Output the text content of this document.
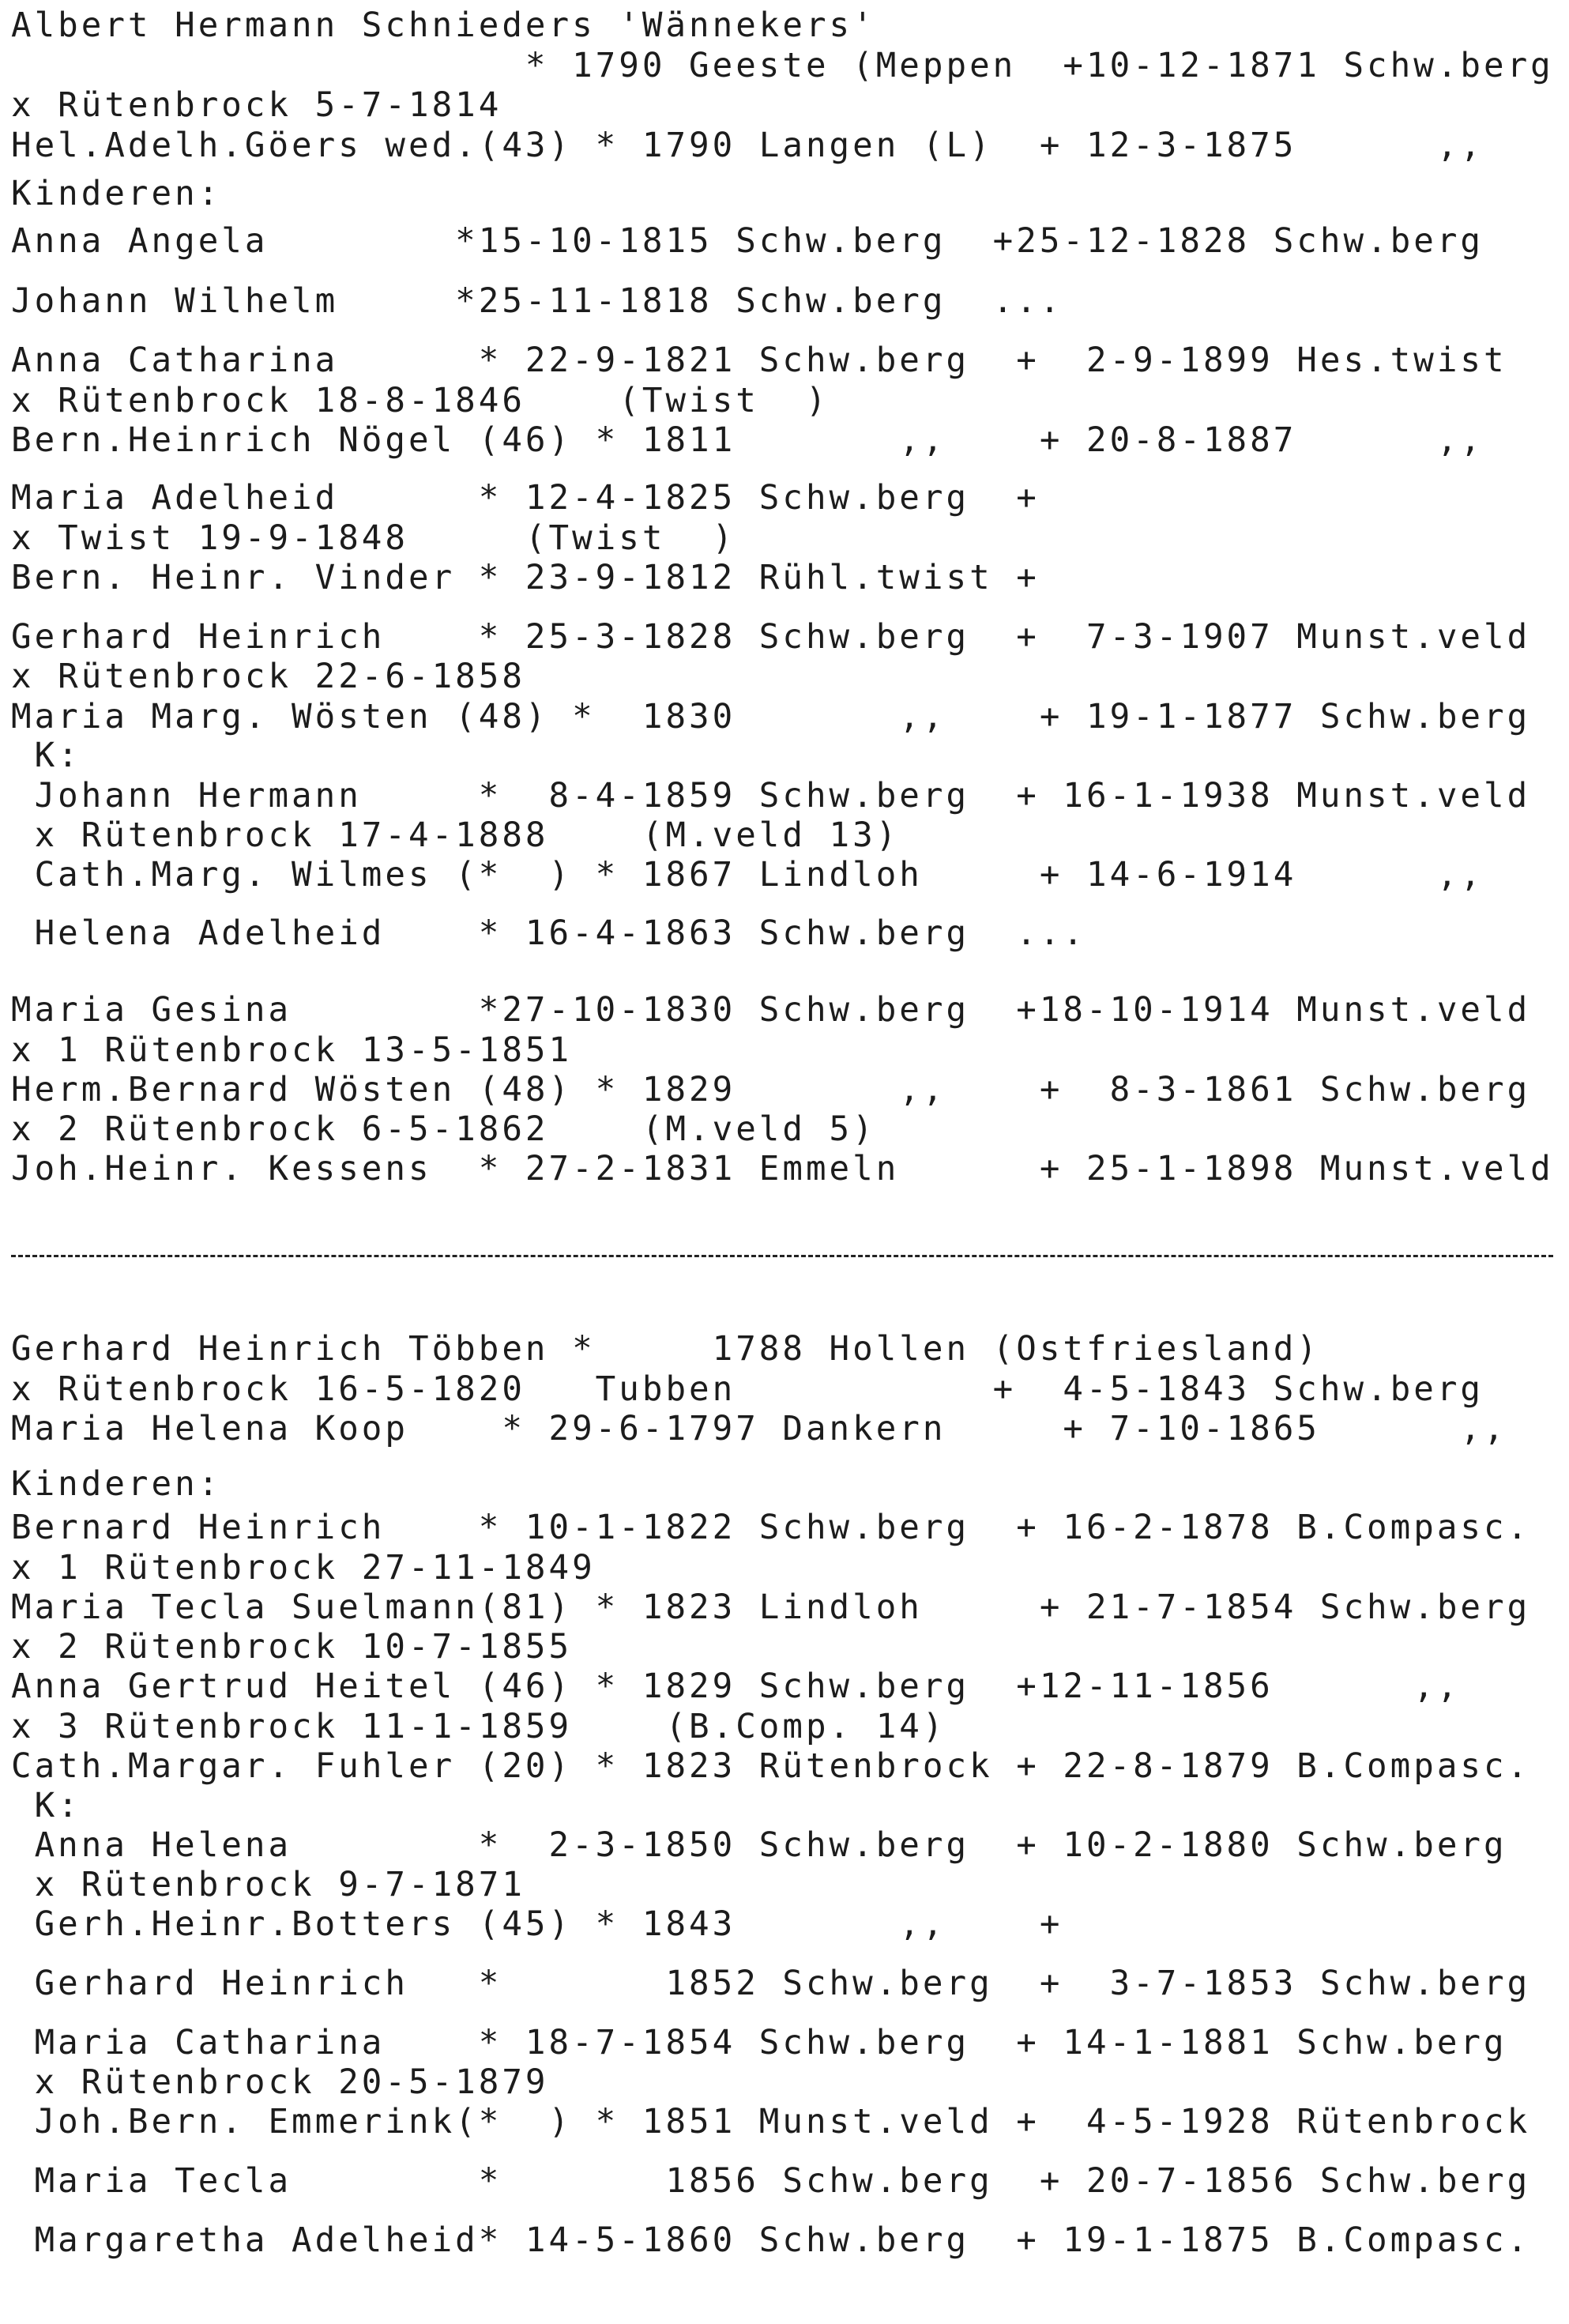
Albert Hermann Schnieders 'Wännekers'

* 1790 Geeste (Meppen  +10-12-1871 Schw.berg

x Rütenbrock 5-7-1814

Hel.Adelh.Göers wed.(43) * 1790 Langen (L)  + 12-3-1875      ,,

Kinderen:

Anna Angela        *15-10-1815 Schw.berg  +25-12-1828 Schw.berg

Johann Wilhelm     *25-11-1818 Schw.berg  ...

Anna Catharina      * 22-9-1821 Schw.berg  +  2-9-1899 Hes.twist

x Rütenbrock 18-8-1846    (Twist  )

Bern.Heinrich Nögel (46) * 1811       ,,    + 20-8-1887      ,,

Maria Adelheid      * 12-4-1825 Schw.berg  +

x Twist 19-9-1848     (Twist  )

Bern. Heinr. Vinder * 23-9-1812 Rühl.twist +

Gerhard Heinrich    * 25-3-1828 Schw.berg  +  7-3-1907 Munst.veld

x Rütenbrock 22-6-1858

Maria Marg. Wösten (48) *  1830       ,,    + 19-1-1877 Schw.berg

K:

Johann Hermann     *  8-4-1859 Schw.berg  + 16-1-1938 Munst.veld

x Rütenbrock 17-4-1888    (M.veld 13)

Cath.Marg. Wilmes (*  ) * 1867 Lindloh     + 14-6-1914      ,,

Helena Adelheid    * 16-4-1863 Schw.berg  ...

Maria Gesina        *27-10-1830 Schw.berg  +18-10-1914 Munst.veld

x 1 Rütenbrock 13-5-1851

Herm.Bernard Wösten (48) * 1829       ,,    +  8-3-1861 Schw.berg

x 2 Rütenbrock 6-5-1862    (M.veld 5)

Joh.Heinr. Kessens  * 27-2-1831 Emmeln      + 25-1-1898 Munst.veld

Gerhard Heinrich Többen *     1788 Hollen (Ostfriesland)

x Rütenbrock 16-5-1820   Tubben           +  4-5-1843 Schw.berg

Maria Helena Koop    * 29-6-1797 Dankern     + 7-10-1865      ,,

Kinderen:

Bernard Heinrich    * 10-1-1822 Schw.berg  + 16-2-1878 B.Compasc.

x 1 Rütenbrock 27-11-1849

Maria Tecla Suelmann(81) * 1823 Lindloh     + 21-7-1854 Schw.berg

x 2 Rütenbrock 10-7-1855

Anna Gertrud Heitel (46) * 1829 Schw.berg  +12-11-1856      ,,

x 3 Rütenbrock 11-1-1859    (B.Comp. 14)

Cath.Margar. Fuhler (20) * 1823 Rütenbrock + 22-8-1879 B.Compasc.

K:

Anna Helena        *  2-3-1850 Schw.berg  + 10-2-1880 Schw.berg

x Rütenbrock 9-7-1871

Gerh.Heinr.Botters (45) * 1843       ,,    +

Gerhard Heinrich   *       1852 Schw.berg  +  3-7-1853 Schw.berg

Maria Catharina    * 18-7-1854 Schw.berg  + 14-1-1881 Schw.berg

x Rütenbrock 20-5-1879

Joh.Bern. Emmerink(*  ) * 1851 Munst.veld +  4-5-1928 Rütenbrock

Maria Tecla        *       1856 Schw.berg  + 20-7-1856 Schw.berg

Margaretha Adelheid* 14-5-1860 Schw.berg  + 19-1-1875 B.Compasc.
